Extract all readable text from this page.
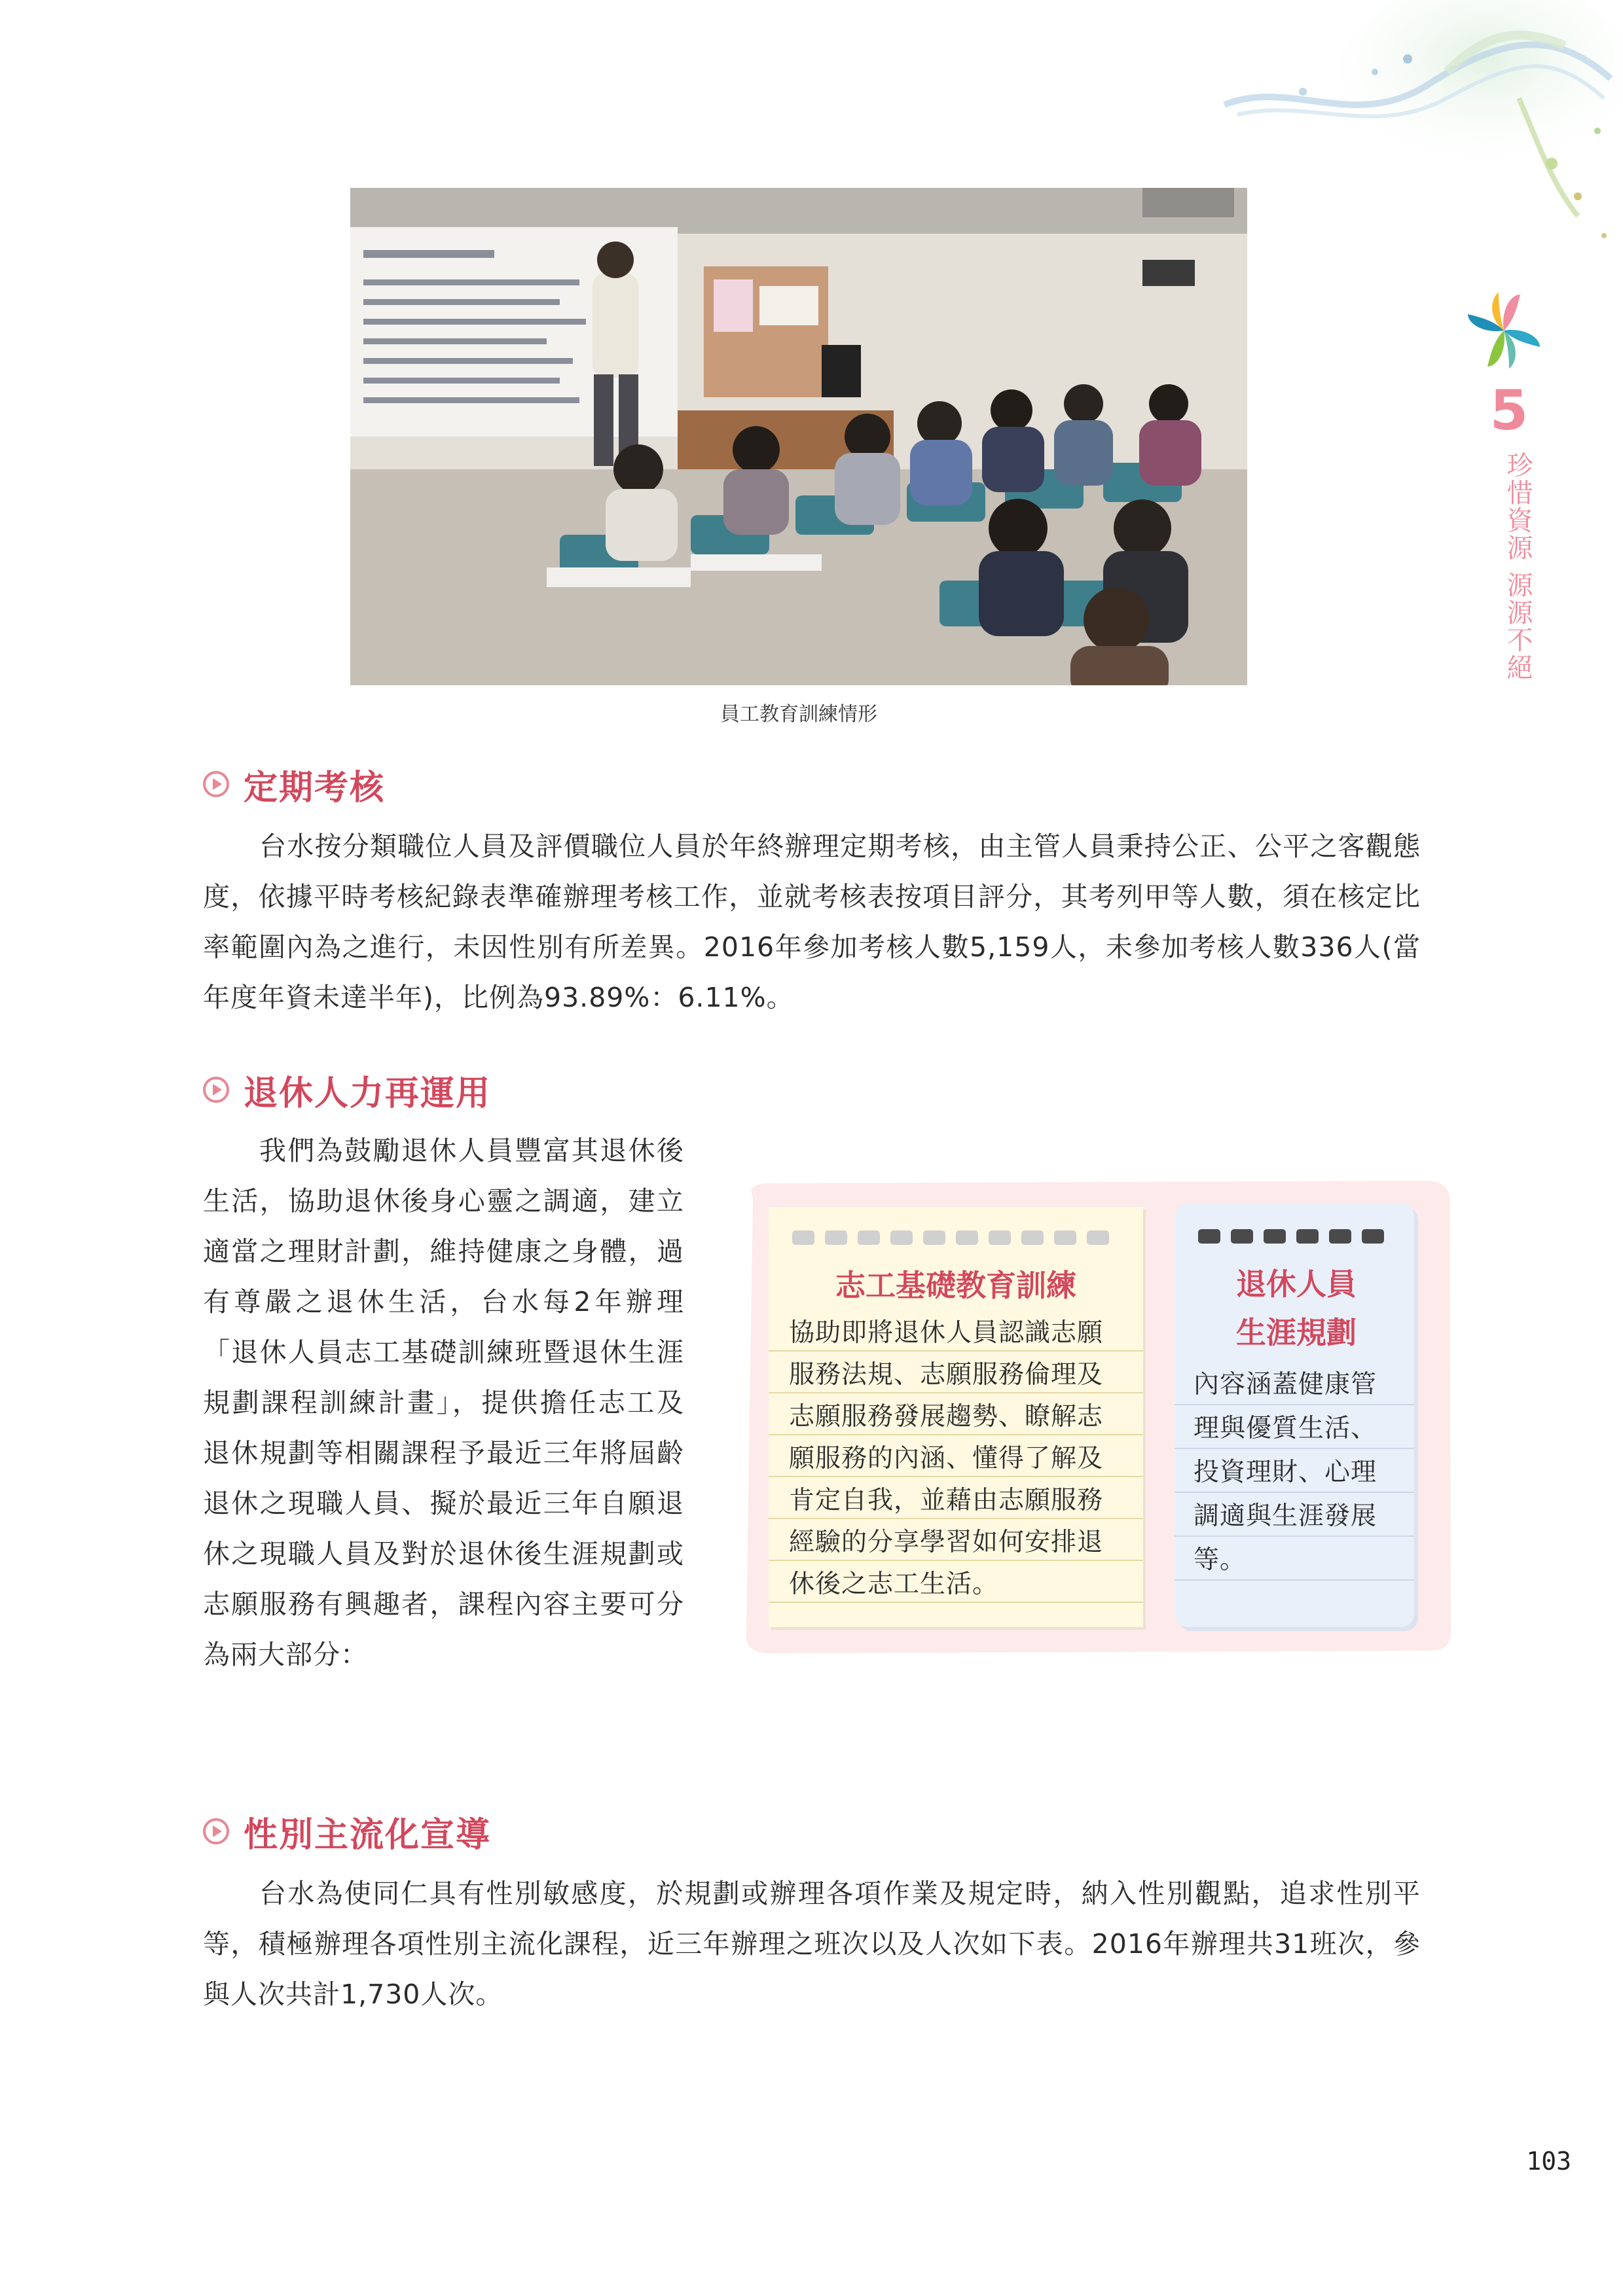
5
珍惜資源 源源不絕
員工教育訓練情形
定期考核
台水按分類職位人員及評價職位人員於年終辦理定期考核，由主管人員秉持公正、公平之客觀態度，依據平時考核紀錄表準確辦理考核工作，並就考核表按項目評分，其考列甲等人數，須在核定比率範圍內為之進行，未因性別有所差異。2016年參加考核人數5,159人，未參加考核人數336人(當年度年資未達半年)，比例為93.89%：6.11%。
退休人力再運用
我們為鼓勵退休人員豐富其退休後生活，協助退休後身心靈之調適，建立適當之理財計劃，維持健康之身體，過有尊嚴之退休生活，台水每2年辦理「退休人員志工基礎訓練班暨退休生涯規劃課程訓練計畫」，提供擔任志工及退休規劃等相關課程予最近三年將屆齡退休之現職人員、擬於最近三年自願退休之現職人員及對於退休後生涯規劃或志願服務有興趣者，課程內容主要可分為兩大部分：
志工基礎教育訓練
協助即將退休人員認識志願
服務法規、志願服務倫理及
志願服務發展趨勢、瞭解志
願服務的內涵、懂得了解及
肯定自我，並藉由志願服務
經驗的分享學習如何安排退
休後之志工生活。
退休人員
生涯規劃
內容涵蓋健康管
理與優質生活、
投資理財、心理
調適與生涯發展
等。
性別主流化宣導
台水為使同仁具有性別敏感度，於規劃或辦理各項作業及規定時，納入性別觀點，追求性別平等，積極辦理各項性別主流化課程，近三年辦理之班次以及人次如下表。2016年辦理共31班次，參與人次共計1,730人次。
103
